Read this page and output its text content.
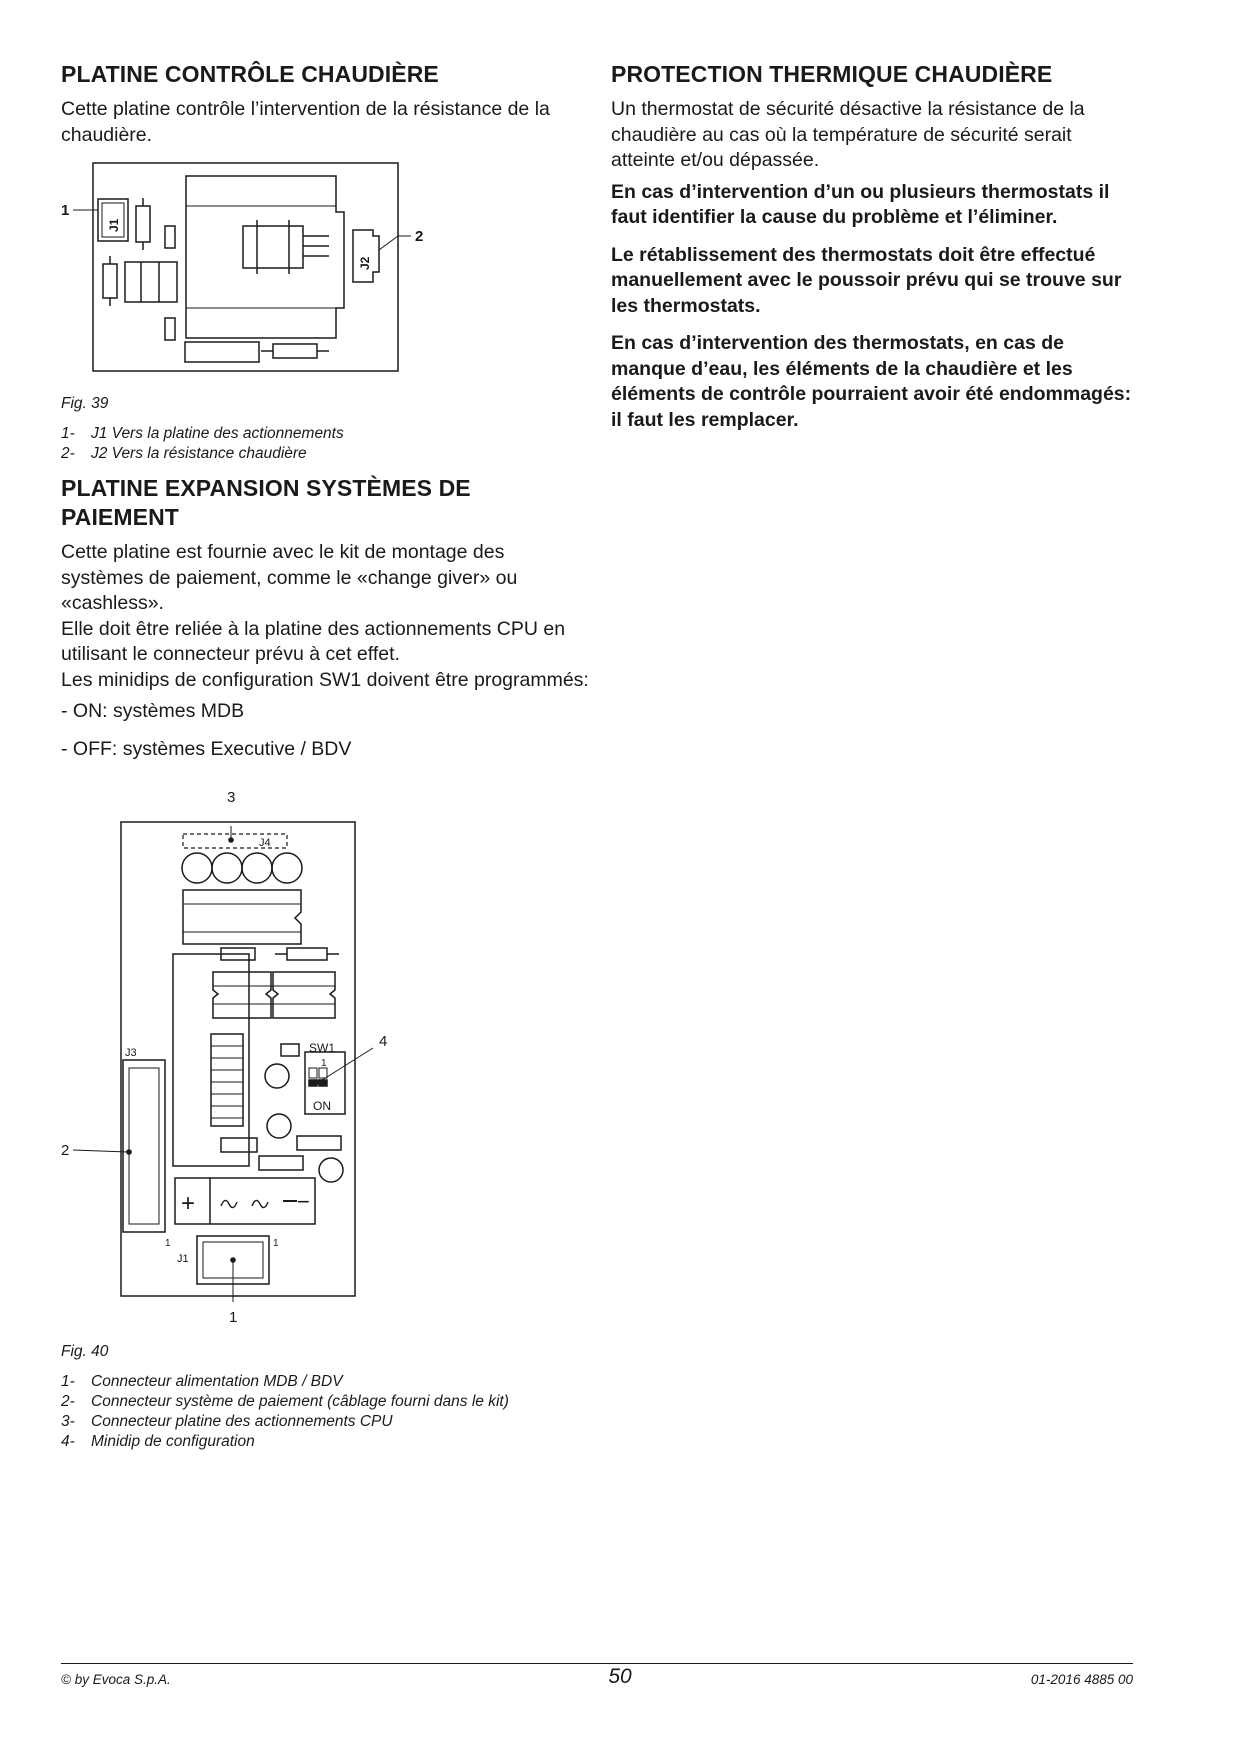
PLATINE CONTRÔLE CHAUDIÈRE

Cette platine contrôle l’intervention de la résistance de la chaudière.

1
2
J1
J2
Fig. 39
1-	J1 Vers la platine des actionnements
2-	J2 Vers la résistance chaudière
PLATINE EXPANSION SYSTÈMES DE PAIEMENT

Cette platine est fournie avec le kit de montage des systèmes de paiement, comme le «change giver» ou «cashless».

Elle doit être reliée à la platine des actionnements CPU en utilisant le connecteur prévu à cet effet.

Les minidips de configuration SW1 doivent être programmés:

- ON: systèmes MDB

- OFF: systèmes Executive / BDV

3
4
2
1
J4
J3
J1
SW1
ON
1
1	1
+	−
Fig. 40
1-	Connecteur alimentation MDB / BDV
2-	Connecteur système de paiement (câblage fourni dans le kit)
3-	Connecteur platine des actionnements CPU
4-	Minidip de configuration
PROTECTION THERMIQUE CHAUDIÈRE

Un thermostat de sécurité désactive la résistance de la chaudière au cas où la température de sécurité serait atteinte et/ou dépassée.

En cas d’intervention d’un ou plusieurs thermostats il faut identifier la cause du problème et l’éliminer.

Le rétablissement des thermostats doit être effectué manuellement avec le poussoir prévu qui se trouve sur les thermostats.

En cas d’intervention des thermostats, en cas de manque d’eau, les éléments de la chaudière et les éléments de contrôle pourraient avoir été endommagés: il faut les remplacer.

© by Evoca S.p.A.	50	01-2016 4885 00
